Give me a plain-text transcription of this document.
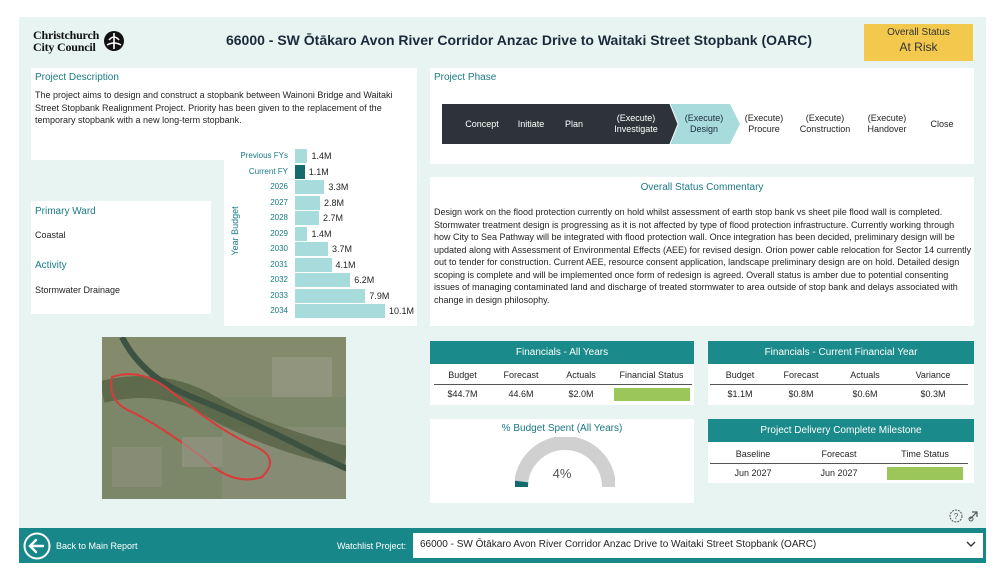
Christchurch
City Council	66000 - SW Ōtākaro Avon River Corridor Anzac Drive to Waitaki Street Stopbank (OARC)	Overall Status
At Risk
Project Description
The project aims to design and construct a stopbank between Wainoni Bridge and Waitaki Street Stopbank Realignment Project. Priority has been given to the replacement of the temporary stopbank with a new long-term stopbank.
Primary Ward
Coastal
Activity
Stormwater Drainage
Year Budget
Previous FYs	1.4M
Current FY 1.1M
2026	3.3M
2027	2.8M
2028	2.7M
2029	1.4M
2030	3.7M
2031	4.1M
2032	6.2M
2033	7.9M
2034	10.1M
Project Phase
Concept	Initiate	Plan
(Execute) Investigate
(Execute) Design
(Execute) Procure
(Execute) Construction
(Execute) Handover
Close
Overall Status Commentary
Design work on the flood protection currently on hold whilst assessment of earth stop bank vs sheet pile flood wall is completed. Stormwater treatment design is progressing as it is not affected by type of flood protection infrastructure. Currently working through how City to Sea Pathway will be integrated with flood protection wall. Once integration has been decided, preliminary design will be updated along with Assessment of Environmental Effects (AEE) for revised design. Orion power cable relocation for Sector 14 currently out to tender for construction. Current AEE, resource consent application, landscape preliminary design are on hold. Detailed design scoping is complete and will be implemented once form of redesign is agreed. Overall status is amber due to potential consenting issues of managing contaminated land and discharge of treated stormwater to area outside of stop bank and delays associated with change in design philosophy.
Financials - All Years
Budget	Forecast	Actuals	Financial Status
$44.7M	44.6M	$2.0M	
Financials - Current Financial Year
Budget	Forecast	Actuals	Variance
$1.1M	$0.8M	$0.6M	$0.3M
% Budget Spent (All Years)
4%
Project Delivery Complete Milestone
Baseline	Forecast	Time Status
Jun 2027	Jun 2027	
?
Back to Main Report	Watchlist Project:	66000 - SW Ōtākaro Avon River Corridor Anzac Drive to Waitaki Street Stopbank (OARC)
